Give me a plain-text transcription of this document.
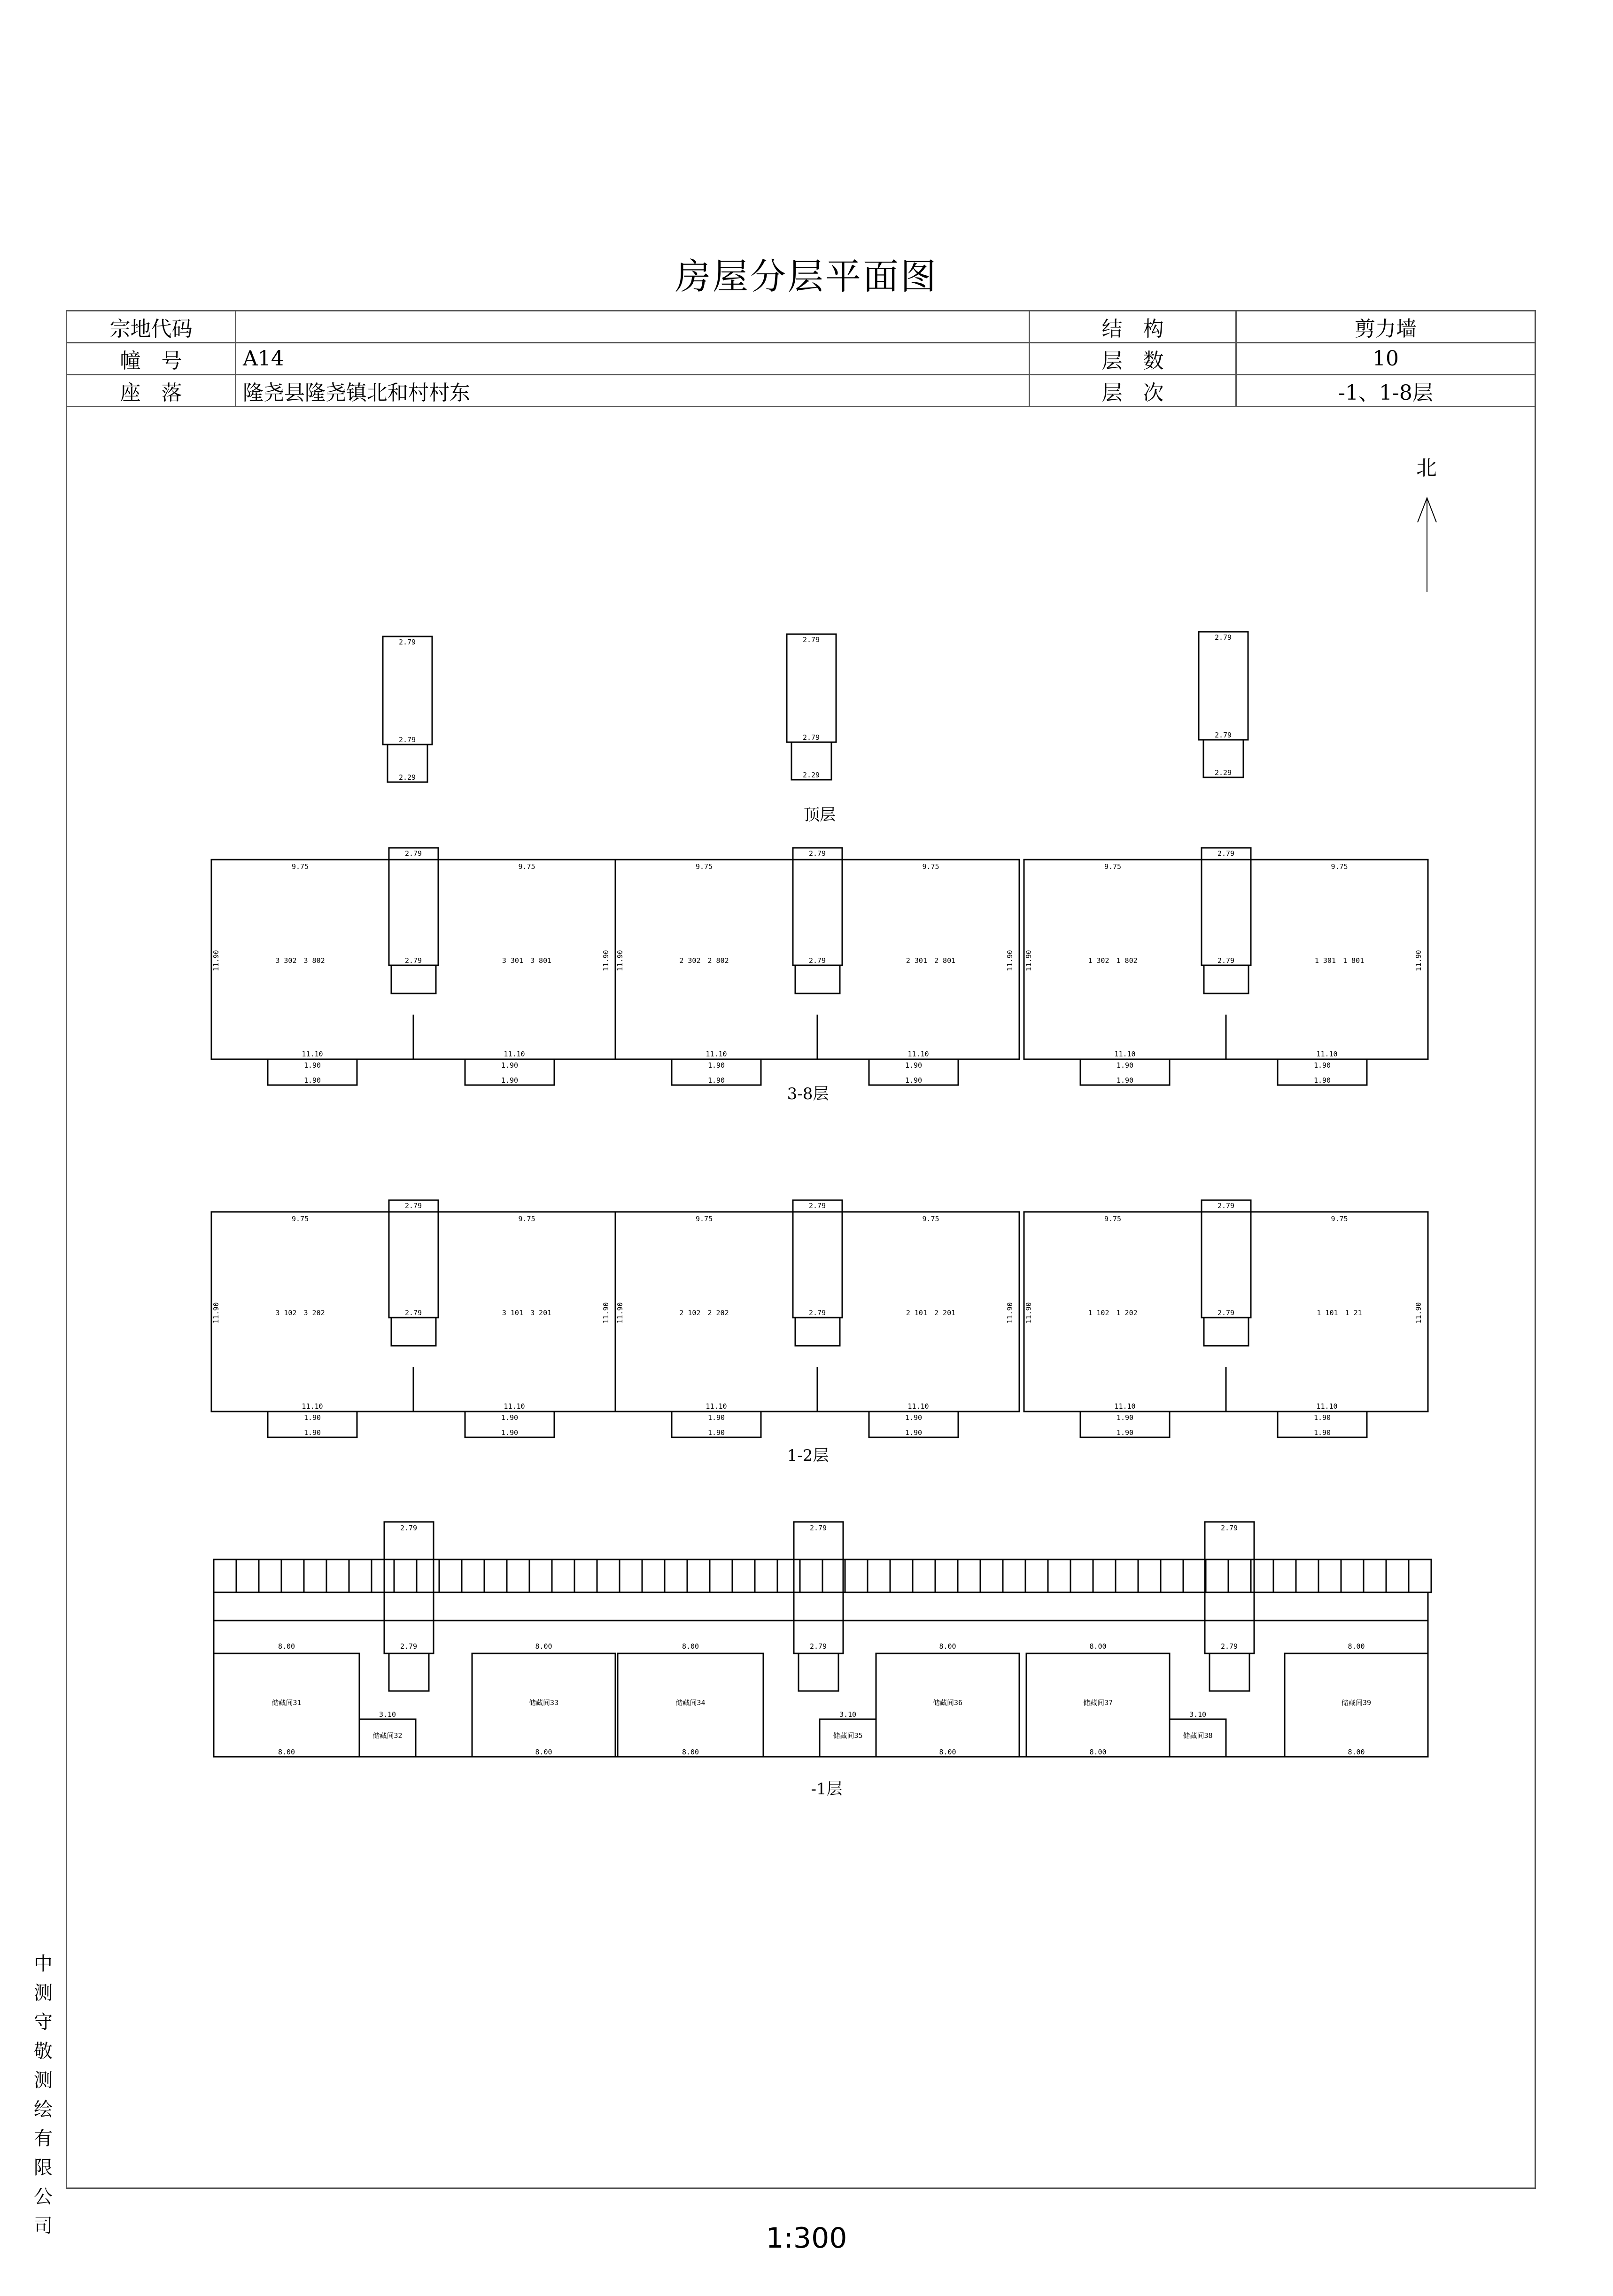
房屋分层平面图
宗地代码		结　构	剪力墙
幢　号	A14	层　数	10
座　落	隆尧县隆尧镇北和村村东	层　次	-1、1-8层
北
2.79
2.79
2.29
2.79
2.79
2.29
2.79
2.79
2.29
顶层
2.79
2.79
9.75	9.75
11.90	11.90
11.10	11.10
1.90
1.90
1.90
1.90
3 302　3 802	3 301　3 801
2.79
2.79
9.75	9.75
11.90	11.90
11.10	11.10
1.90
1.90
1.90
1.90
2 302　2 802	2 301　2 801
2.79
2.79
9.75	9.75
11.90	11.90
11.10	11.10
1.90
1.90
1.90
1.90
1 302　1 802	1 301　1 801
3-8层
2.79
2.79
9.75	9.75
11.90	11.90
11.10	11.10
1.90
1.90
1.90
1.90
3 102　3 202	3 101　3 201
2.79
2.79
9.75	9.75
11.90	11.90
11.10	11.10
1.90
1.90
1.90
1.90
2 102　2 202	2 101　2 201
2.79
2.79
9.75	9.75
11.90	11.90
11.10	11.10
1.90
1.90
1.90
1.90
1 102　1 202	1 101　1 21
1-2层
2.79
2.79
2.79
2.79
2.79
2.79
储藏间31
8.00
8.00
储藏间33
8.00
8.00
储藏间34
8.00
8.00
储藏间36
8.00
8.00
储藏间37
8.00
8.00
储藏间39
8.00
8.00
储藏间32
3.10
储藏间35
3.10
储藏间38
3.10
-1层
中测守敬测绘有限公司	1:300
